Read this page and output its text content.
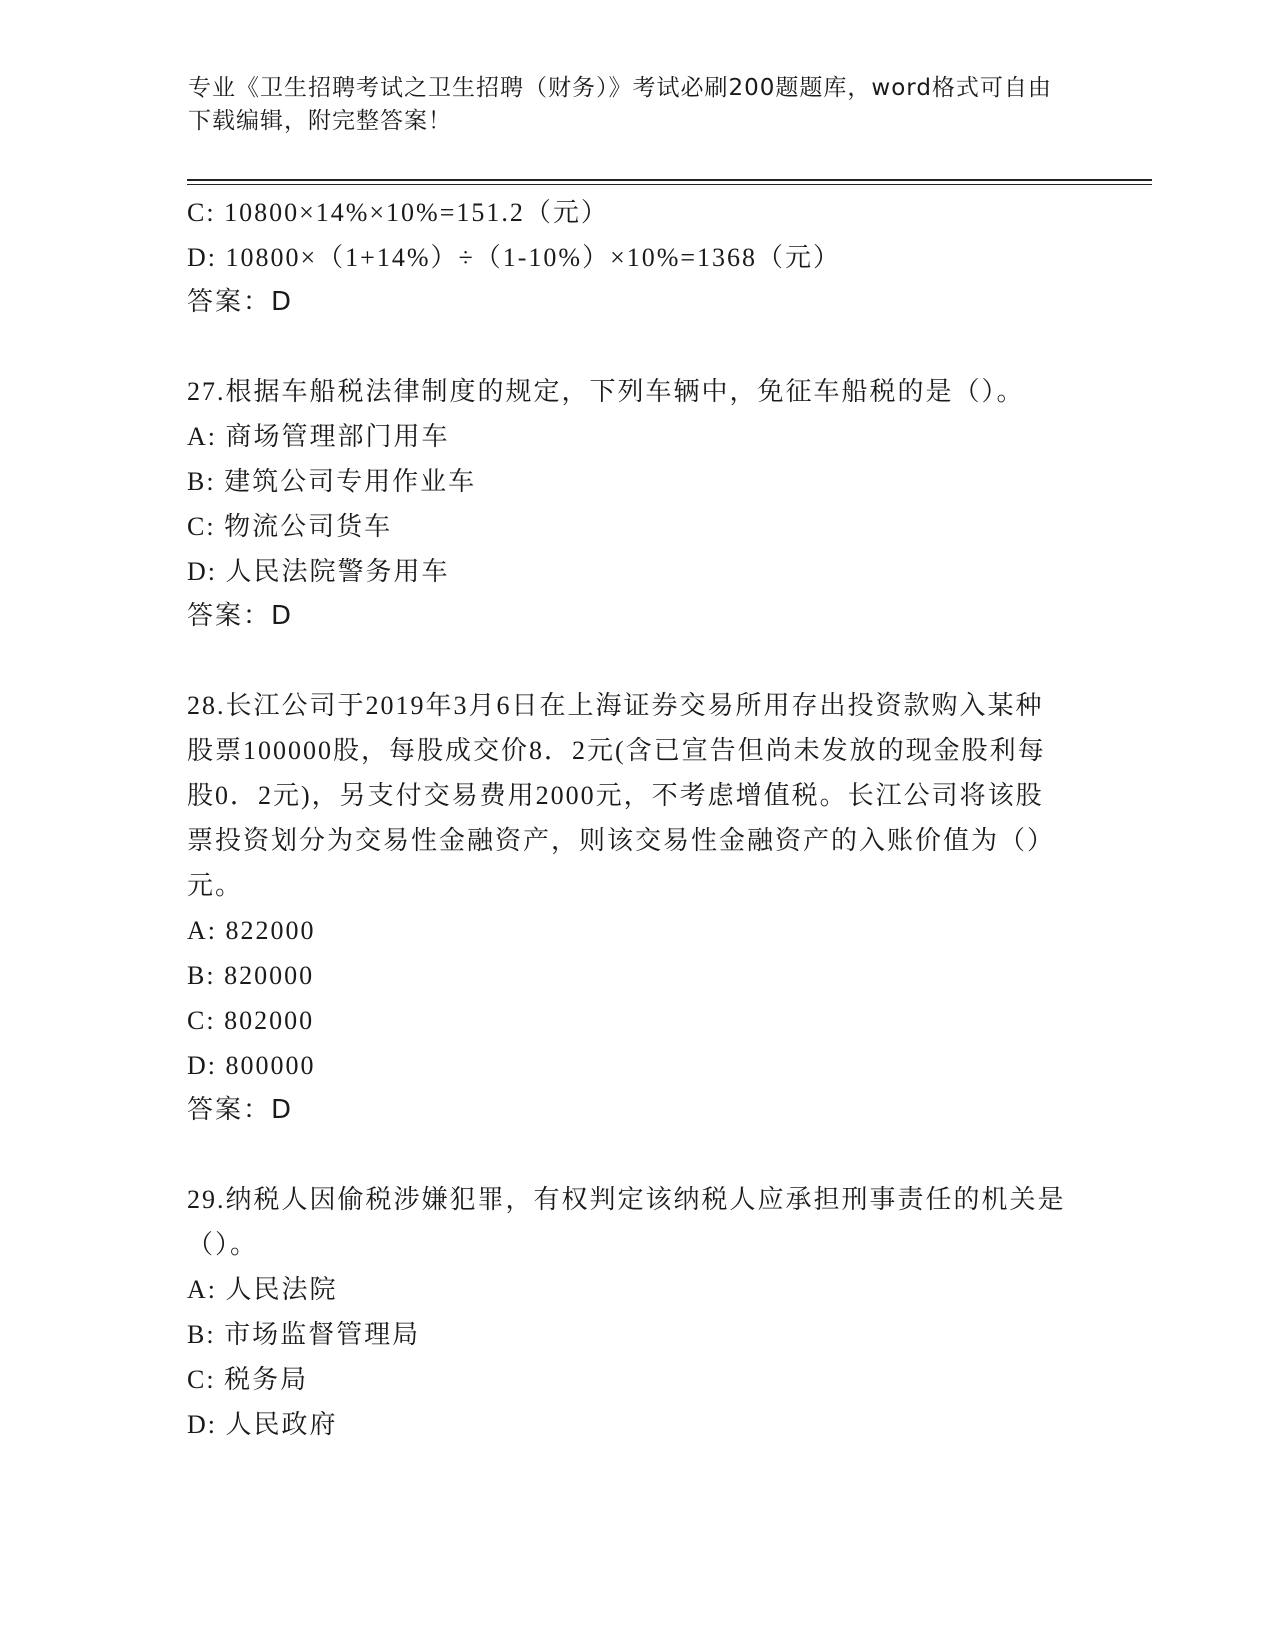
专业《卫生招聘考试之卫生招聘（财务）》考试必刷200题题库，word格式可自由下载编辑，附完整答案！
C: 10800×14%×10%=151.2（元）
D: 10800×（1+14%）÷（1-10%）×10%=1368（元）
答案：D
27.根据车船税法律制度的规定，下列车辆中，免征车船税的是（）。
A: 商场管理部门用车
B: 建筑公司专用作业车
C: 物流公司货车
D: 人民法院警务用车
答案：D
28.长江公司于2019年3月6日在上海证券交易所用存出投资款购入某种股票100000股，每股成交价8．2元(含已宣告但尚未发放的现金股利每股0．2元)，另支付交易费用2000元，不考虑增值税。长江公司将该股票投资划分为交易性金融资产，则该交易性金融资产的入账价值为（）元。
A: 822000
B: 820000
C: 802000
D: 800000
答案：D
29.纳税人因偷税涉嫌犯罪，有权判定该纳税人应承担刑事责任的机关是（）。
A: 人民法院
B: 市场监督管理局
C: 税务局
D: 人民政府
